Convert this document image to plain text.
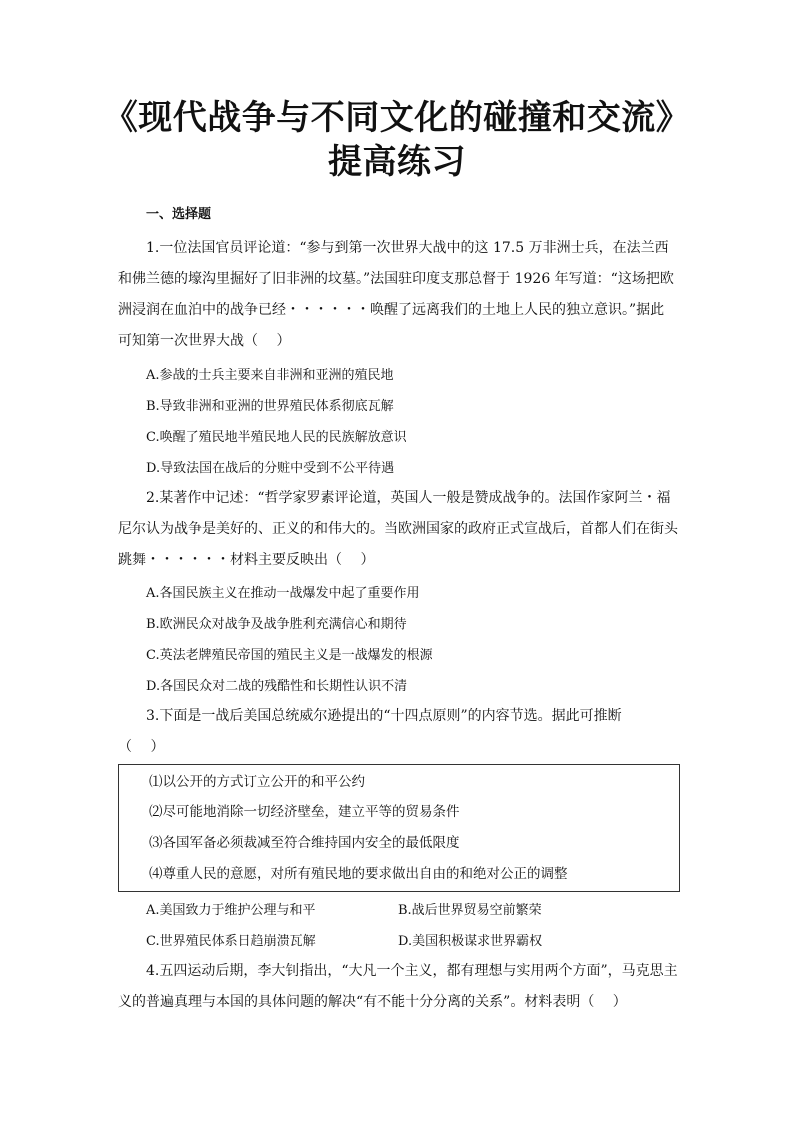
《现代战争与不同文化的碰撞和交流》
提高练习
一、选择题
1.一位法国官员评论道：“参与到第一次世界大战中的这 17.5 万非洲士兵，在法兰西
和佛兰德的壕沟里掘好了旧非洲的坟墓。”法国驻印度支那总督于 1926 年写道：“这场把欧
洲浸润在血泊中的战争已经・・・・・・唤醒了远离我们的土地上人民的独立意识。”据此
可知第一次世界大战（　 ）
A.参战的士兵主要来自非洲和亚洲的殖民地
B.导致非洲和亚洲的世界殖民体系彻底瓦解
C.唤醒了殖民地半殖民地人民的民族解放意识
D.导致法国在战后的分赃中受到不公平待遇
2.某著作中记述：“哲学家罗素评论道，英国人一般是赞成战争的。法国作家阿兰・福
尼尔认为战争是美好的、正义的和伟大的。当欧洲国家的政府正式宣战后，首都人们在街头
跳舞・・・・・・材料主要反映出（　 ）
A.各国民族主义在推动一战爆发中起了重要作用
B.欧洲民众对战争及战争胜利充满信心和期待
C.英法老牌殖民帝国的殖民主义是一战爆发的根源
D.各国民众对二战的残酷性和长期性认识不清
3.下面是一战后美国总统威尔逊提出的“十四点原则”的内容节选。据此可推断
（　 ）
⑴以公开的方式订立公开的和平公约
⑵尽可能地消除一切经济壁垒，建立平等的贸易条件
⑶各国军备必须裁减至符合维持国内安全的最低限度
⑷尊重人民的意愿，对所有殖民地的要求做出自由的和绝对公正的调整
A.美国致力于维护公理与和平	B.战后世界贸易空前繁荣
C.世界殖民体系日趋崩溃瓦解	D.美国积极谋求世界霸权
4.五四运动后期，李大钊指出，“大凡一个主义，都有理想与实用两个方面”，马克思主
义的普遍真理与本国的具体问题的解决“有不能十分分离的关系”。材料表明（　 ）
